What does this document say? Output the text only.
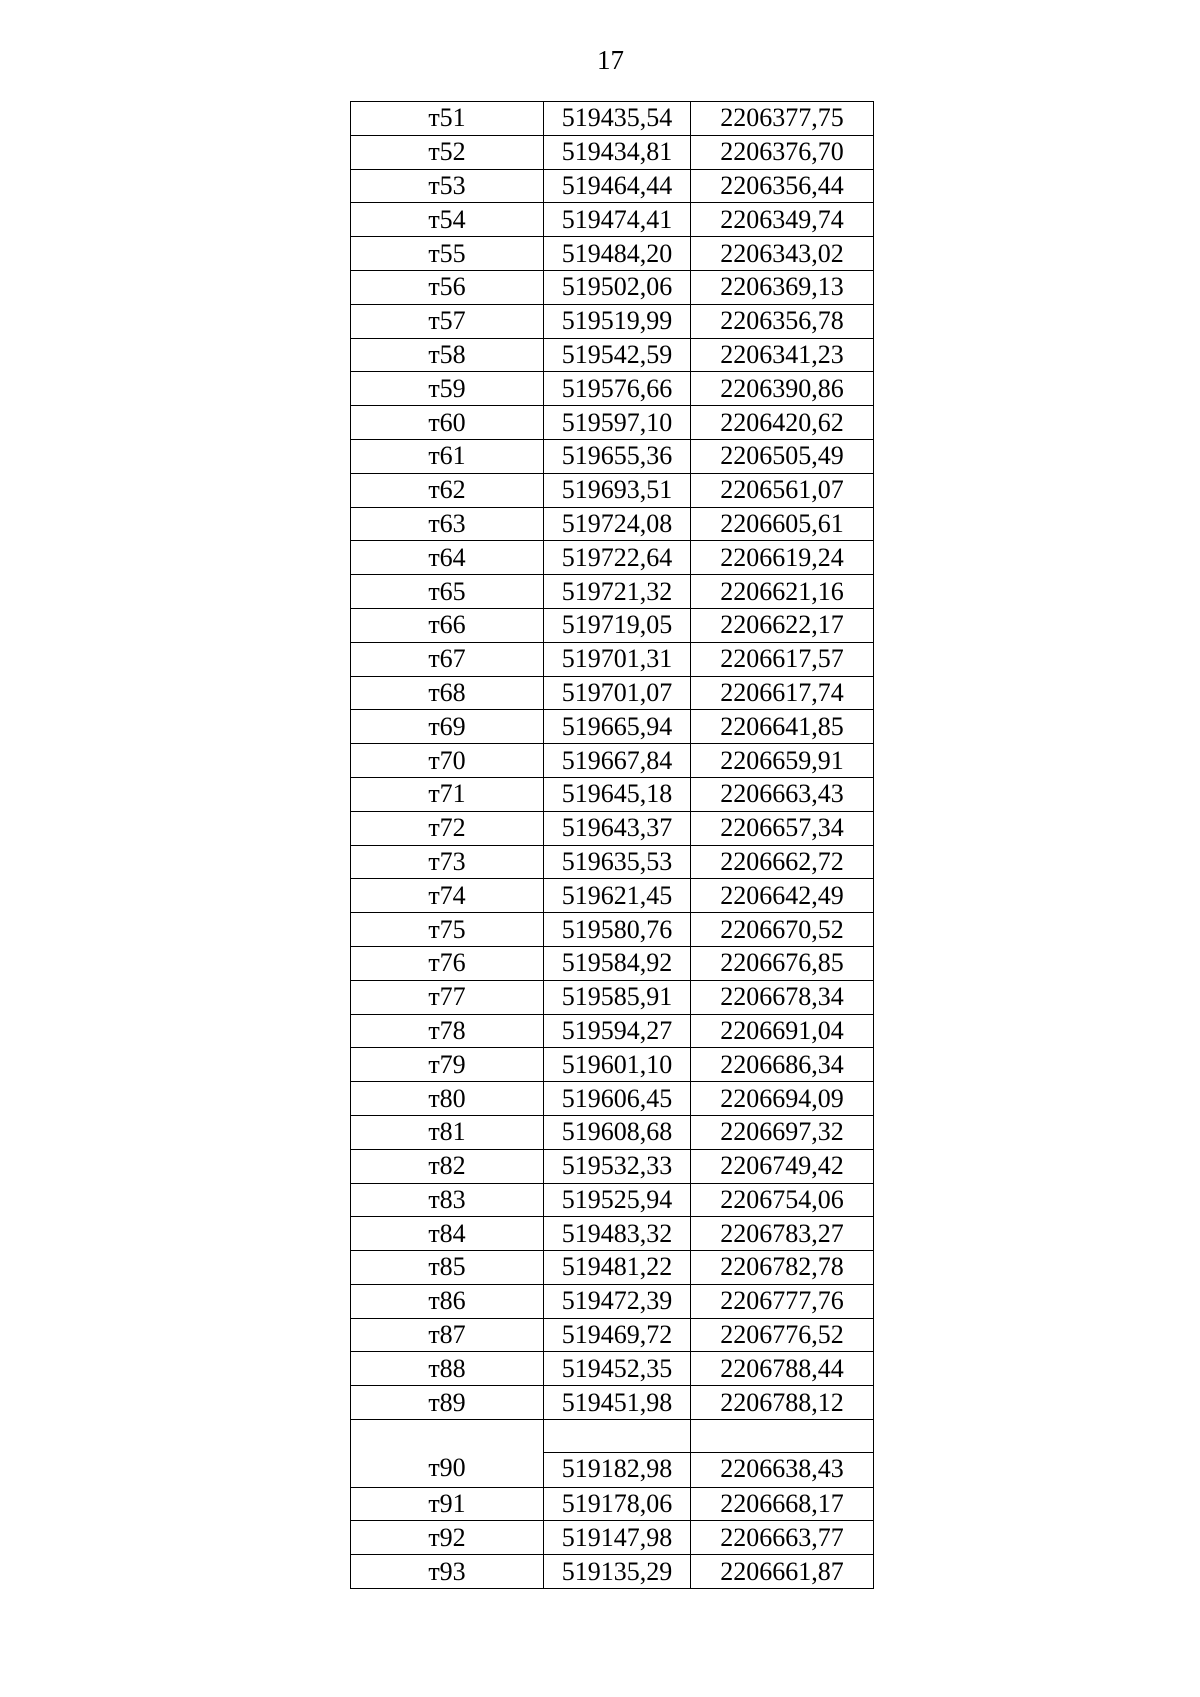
17
т51	519435,54	2206377,75
т52	519434,81	2206376,70
т53	519464,44	2206356,44
т54	519474,41	2206349,74
т55	519484,20	2206343,02
т56	519502,06	2206369,13
т57	519519,99	2206356,78
т58	519542,59	2206341,23
т59	519576,66	2206390,86
т60	519597,10	2206420,62
т61	519655,36	2206505,49
т62	519693,51	2206561,07
т63	519724,08	2206605,61
т64	519722,64	2206619,24
т65	519721,32	2206621,16
т66	519719,05	2206622,17
т67	519701,31	2206617,57
т68	519701,07	2206617,74
т69	519665,94	2206641,85
т70	519667,84	2206659,91
т71	519645,18	2206663,43
т72	519643,37	2206657,34
т73	519635,53	2206662,72
т74	519621,45	2206642,49
т75	519580,76	2206670,52
т76	519584,92	2206676,85
т77	519585,91	2206678,34
т78	519594,27	2206691,04
т79	519601,10	2206686,34
т80	519606,45	2206694,09
т81	519608,68	2206697,32
т82	519532,33	2206749,42
т83	519525,94	2206754,06
т84	519483,32	2206783,27
т85	519481,22	2206782,78
т86	519472,39	2206777,76
т87	519469,72	2206776,52
т88	519452,35	2206788,44
т89	519451,98	2206788,12

т90	519182,98	2206638,43

т91	519178,06	2206668,17
т92	519147,98	2206663,77
т93	519135,29	2206661,87
